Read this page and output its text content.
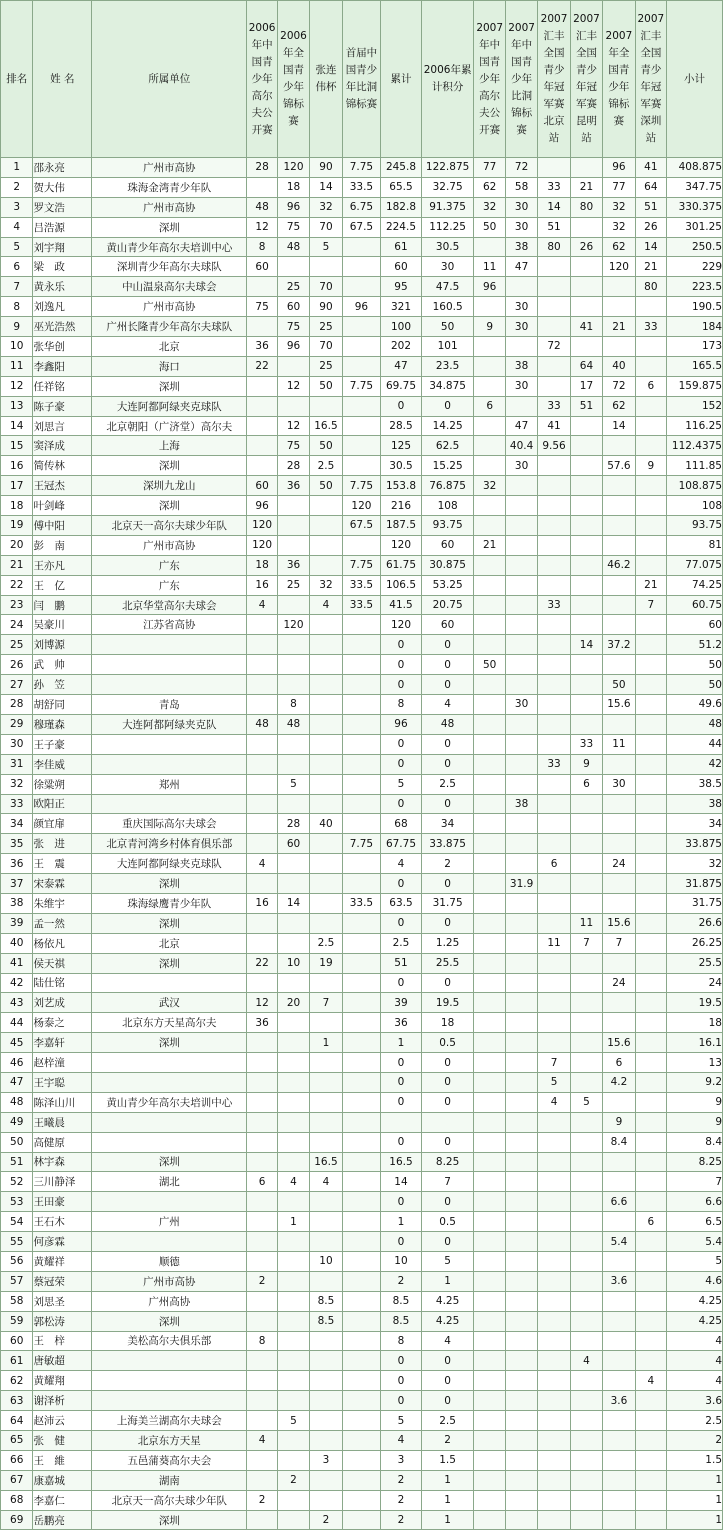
排名	姓 名	所属单位	2006年中国青少年高尔夫公开赛	2006年全国青少年锦标赛	张连伟杯	首届中国青少年比洞锦标赛	累计	2006年累计积分	2007年中国青少年高尔夫公开赛	2007年中国青少年比洞锦标赛	2007汇丰全国青少年冠军赛北京站	2007汇丰全国青少年冠军赛昆明站	2007年全国青少年锦标赛	2007汇丰全国青少年冠军赛深圳站	小计
1	邵永亮	广州市高协	28	120	90	7.75	245.8	122.875	77	72			96	41	408.875
2	贺大伟	珠海金湾青少年队		18	14	33.5	65.5	32.75	62	58	33	21	77	64	347.75
3	罗文浩	广州市高协	48	96	32	6.75	182.8	91.375	32	30	14	80	32	51	330.375
4	吕浩源	深圳	12	75	70	67.5	224.5	112.25	50	30	51		32	26	301.25
5	刘宇翔	黄山青少年高尔夫培训中心	8	48	5		61	30.5		38	80	26	62	14	250.5
6	梁　政	深圳青少年高尔夫球队	60				60	30	11	47			120	21	229
7	黄永乐	中山温泉高尔夫球会		25	70		95	47.5	96					80	223.5
8	刘逸凡	广州市高协	75	60	90	96	321	160.5		30					190.5
9	巫光浩然	广州长隆青少年高尔夫球队		75	25		100	50	9	30		41	21	33	184
10	张华创	北京	36	96	70		202	101			72				173
11	李鑫阳	海口	22		25		47	23.5		38		64	40		165.5
12	任祥铭	深圳		12	50	7.75	69.75	34.875		30		17	72	6	159.875
13	陈子豪	大连阿都阿绿夹克球队					0	0	6		33	51	62		152
14	刘思言	北京朝阳（广济堂）高尔夫		12	16.5		28.5	14.25		47	41		14		116.25
15	窦泽成	上海		75	50		125	62.5		40.4	9.56				112.4375
16	简传林	深圳		28	2.5		30.5	15.25		30			57.6	9	111.85
17	王冠杰	深圳九龙山	60	36	50	7.75	153.8	76.875	32						108.875
18	叶剑峰	深圳	96			120	216	108							108
19	傅中阳	北京天一高尔夫球少年队	120			67.5	187.5	93.75							93.75
20	彭　南	广州市高协	120				120	60	21						81
21	王亦凡	广东	18	36		7.75	61.75	30.875					46.2		77.075
22	王　亿	广东	16	25	32	33.5	106.5	53.25						21	74.25
23	闫　鹏	北京华堂高尔夫球会	4		4	33.5	41.5	20.75			33			7	60.75
24	吴豪川	江苏省高协		120			120	60							60
25	刘博源						0	0				14	37.2		51.2
26	武　帅						0	0	50						50
27	孙　笠						0	0					50		50
28	胡舒同	青岛		8			8	4		30			15.6		49.6
29	穆瑾森	大连阿都阿绿夹克队	48	48			96	48							48
30	王子豪						0	0				33	11		44
31	李佳威						0	0			33	9			42
32	徐粱朔	郑州		5			5	2.5				6	30		38.5
33	欧阳正						0	0		38					38
34	颜宜扉	重庆国际高尔夫球会		28	40		68	34							34
35	张　进	北京青河湾乡村体育俱乐部		60		7.75	67.75	33.875							33.875
36	王　震	大连阿都阿绿夹克球队	4				4	2			6		24		32
37	宋泰霖	深圳					0	0		31.9					31.875
38	朱维宇	珠海绿鹰青少年队	16	14		33.5	63.5	31.75							31.75
39	孟一然	深圳					0	0				11	15.6		26.6
40	杨依凡	北京			2.5		2.5	1.25			11	7	7		26.25
41	侯天祺	深圳	22	10	19		51	25.5							25.5
42	陆仕铭						0	0					24		24
43	刘艺成	武汉	12	20	7		39	19.5							19.5
44	杨泰之	北京东方天星高尔夫	36				36	18							18
45	李嘉轩	深圳			1		1	0.5					15.6		16.1
46	赵梓潼						0	0			7		6		13
47	王宇聪						0	0			5		4.2		9.2
48	陈泽山川	黄山青少年高尔夫培训中心					0	0			4	5			9
49	王曦晨												9		9
50	高健原						0	0					8.4		8.4
51	林宇森	深圳			16.5		16.5	8.25							8.25
52	三川静泽	湖北	6	4	4		14	7							7
53	王田豪						0	0					6.6		6.6
54	王石木	广州		1			1	0.5						6	6.5
55	何彦霖						0	0					5.4		5.4
56	黄耀祥	顺德			10		10	5							5
57	蔡冠荣	广州市高协	2				2	1					3.6		4.6
58	刘思圣	广州高协			8.5		8.5	4.25							4.25
59	郭松涛	深圳			8.5		8.5	4.25							4.25
60	王　梓	美松高尔夫俱乐部	8				8	4							4
61	唐敏超						0	0				4			4
62	黄耀翔						0	0						4	4
63	谢泽析						0	0					3.6		3.6
64	赵沛云	上海美兰湖高尔夫球会		5			5	2.5							2.5
65	张　健	北京东方天星	4				4	2							2
66	王　維	五邑蒲葵高尔夫会			3		3	1.5							1.5
67	康嘉城	湖南		2			2	1							1
68	李嘉仁	北京天一高尔夫球少年队	2				2	1							1
69	岳鹏亮	深圳			2		2	1							1
